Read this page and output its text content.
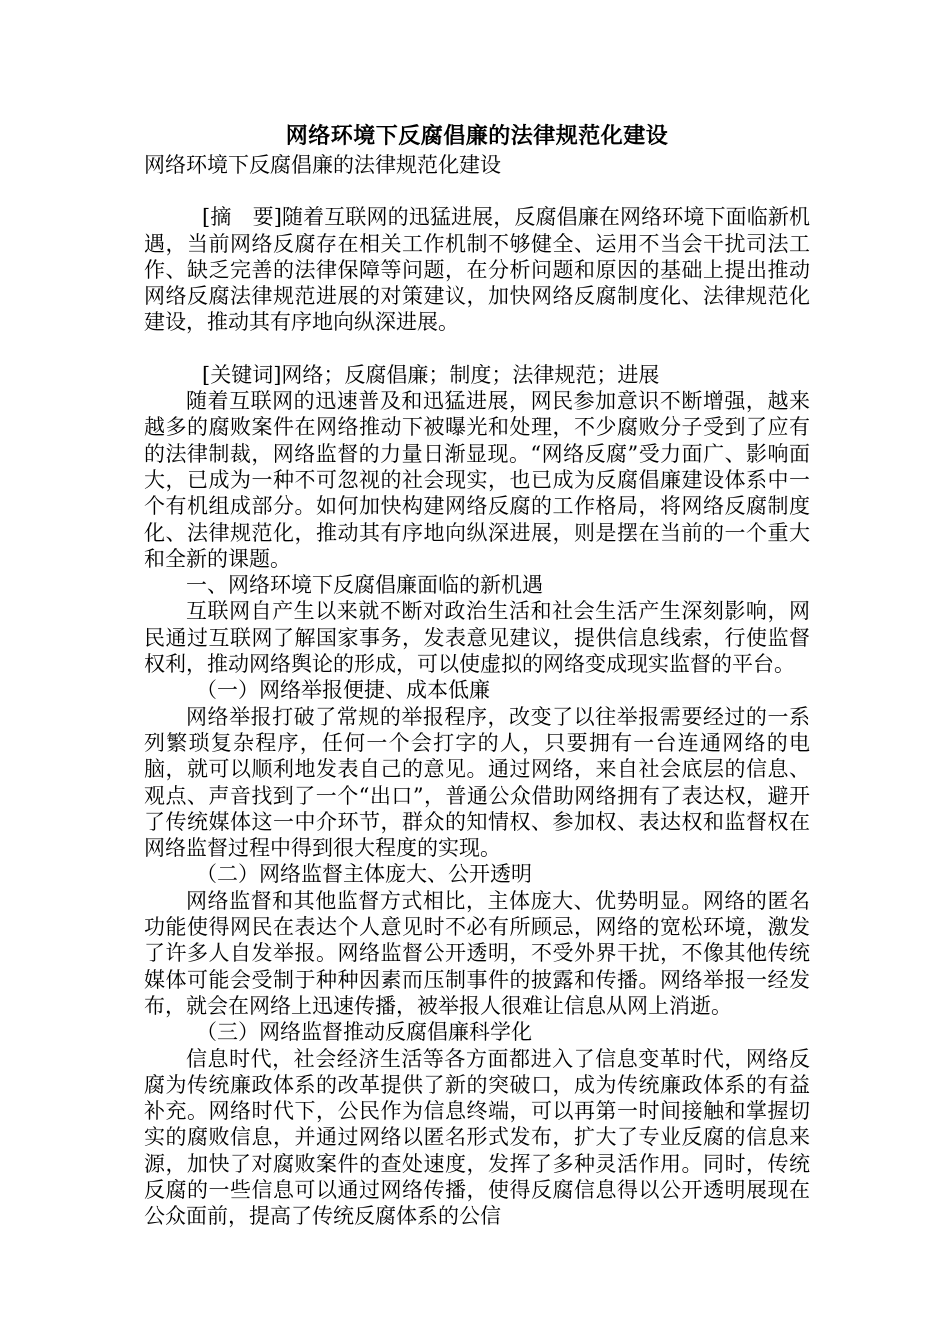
网络环境下反腐倡廉的法律规范化建设

网络环境下反腐倡廉的法律规范化建设

[摘　要]随着互联网的迅猛进展，反腐倡廉在网络环境下面临新机遇，当前网络反腐存在相关工作机制不够健全、运用不当会干扰司法工作、缺乏完善的法律保障等问题，在分析问题和原因的基础上提出推动网络反腐法律规范进展的对策建议，加快网络反腐制度化、法律规范化建设，推动其有序地向纵深进展。

[关键词]网络；反腐倡廉；制度；法律规范；进展

随着互联网的迅速普及和迅猛进展，网民参加意识不断增强，越来越多的腐败案件在网络推动下被曝光和处理，不少腐败分子受到了应有的法律制裁，网络监督的力量日渐显现。“网络反腐”受力面广、影响面大，已成为一种不可忽视的社会现实，也已成为反腐倡廉建设体系中一个有机组成部分。如何加快构建网络反腐的工作格局，将网络反腐制度化、法律规范化，推动其有序地向纵深进展，则是摆在当前的一个重大和全新的课题。

一、网络环境下反腐倡廉面临的新机遇

互联网自产生以来就不断对政治生活和社会生活产生深刻影响，网民通过互联网了解国家事务，发表意见建议，提供信息线索，行使监督权利，推动网络舆论的形成，可以使虚拟的网络变成现实监督的平台。

（一）网络举报便捷、成本低廉

网络举报打破了常规的举报程序，改变了以往举报需要经过的一系列繁琐复杂程序，任何一个会打字的人，只要拥有一台连通网络的电脑，就可以顺利地发表自己的意见。通过网络，来自社会底层的信息、观点、声音找到了一个“出口”，普通公众借助网络拥有了表达权，避开了传统媒体这一中介环节，群众的知情权、参加权、表达权和监督权在网络监督过程中得到很大程度的实现。

（二）网络监督主体庞大、公开透明

网络监督和其他监督方式相比，主体庞大、优势明显。网络的匿名功能使得网民在表达个人意见时不必有所顾忌，网络的宽松环境，激发了许多人自发举报。网络监督公开透明，不受外界干扰，不像其他传统媒体可能会受制于种种因素而压制事件的披露和传播。网络举报一经发布，就会在网络上迅速传播，被举报人很难让信息从网上消逝。

（三）网络监督推动反腐倡廉科学化

信息时代，社会经济生活等各方面都进入了信息变革时代，网络反腐为传统廉政体系的改革提供了新的突破口，成为传统廉政体系的有益补充。网络时代下，公民作为信息终端，可以再第一时间接触和掌握切实的腐败信息，并通过网络以匿名形式发布，扩大了专业反腐的信息来源，加快了对腐败案件的查处速度，发挥了多种灵活作用。同时，传统反腐的一些信息可以通过网络传播，使得反腐信息得以公开透明展现在公众面前，提高了传统反腐体系的公信
